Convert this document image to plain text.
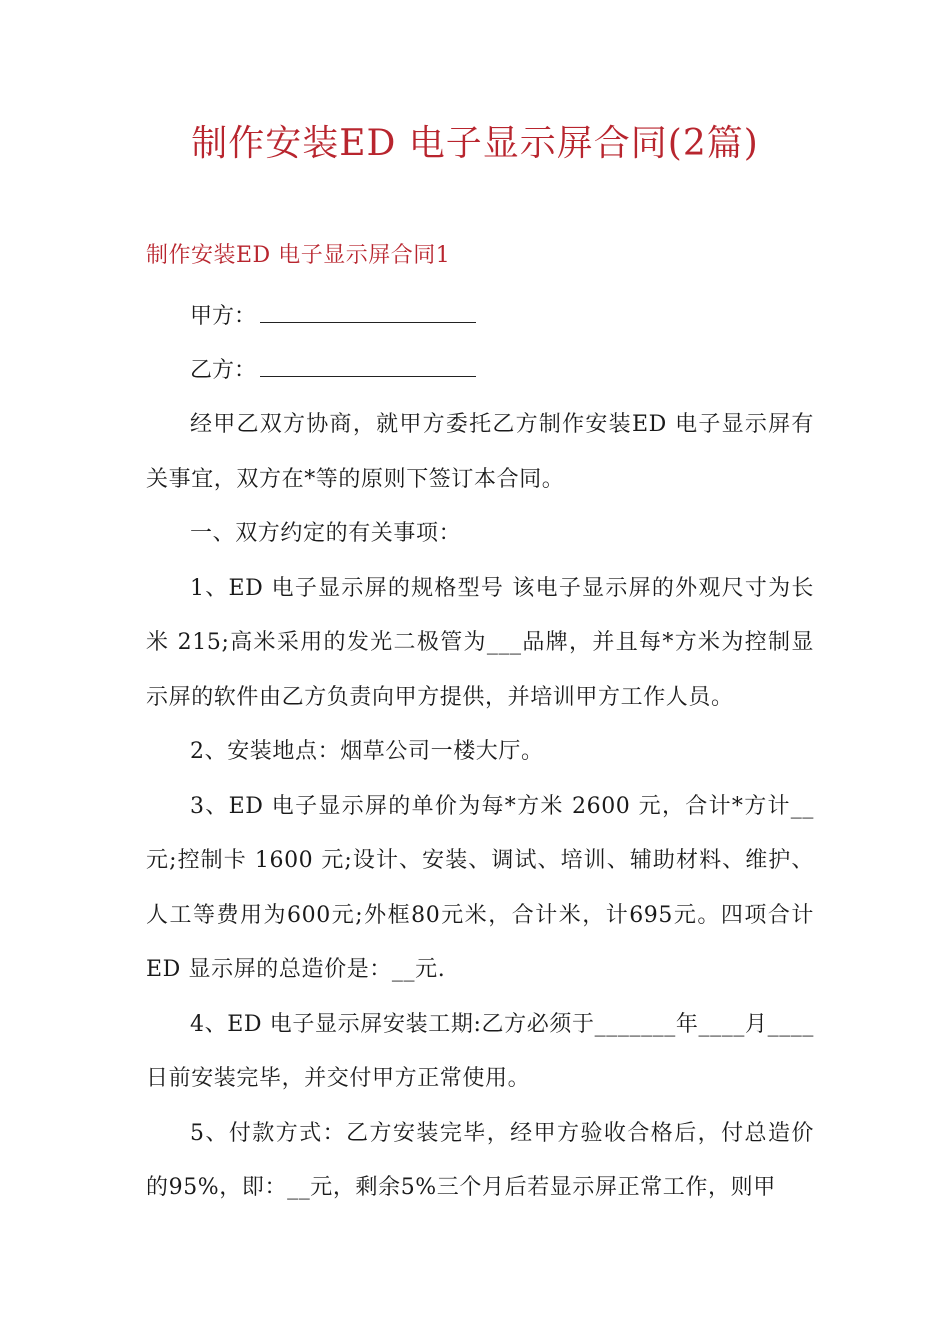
制作安装ED 电子显示屏合同(2篇)
制作安装ED 电子显示屏合同1

甲方：

乙方：

经甲乙双方协商，就甲方委托乙方制作安装ED 电子显示屏有关事宜，双方在*等的原则下签订本合同。

一、双方约定的有关事项：

1、ED 电子显示屏的规格型号 该电子显示屏的外观尺寸为长 米 215;高米采用的发光二极管为___品牌，并且每*方米为控制显示屏的软件由乙方负责向甲方提供，并培训甲方工作人员。

2、安装地点：烟草公司一楼大厅。

3、ED 电子显示屏的单价为每*方米 2600 元，合计*方计__元;控制卡 1600 元;设计、安装、调试、培训、辅助材料、维护、人工等费用为600元;外框80元米，合计米，计695元。四项合计ED 显示屏的总造价是：__元.

4、ED 电子显示屏安装工期:乙方必须于_______年____月____日前安装完毕，并交付甲方正常使用。

5、付款方式：乙方安装完毕，经甲方验收合格后，付总造价的95%，即：__元，剩余5%三个月后若显示屏正常工作，则甲
